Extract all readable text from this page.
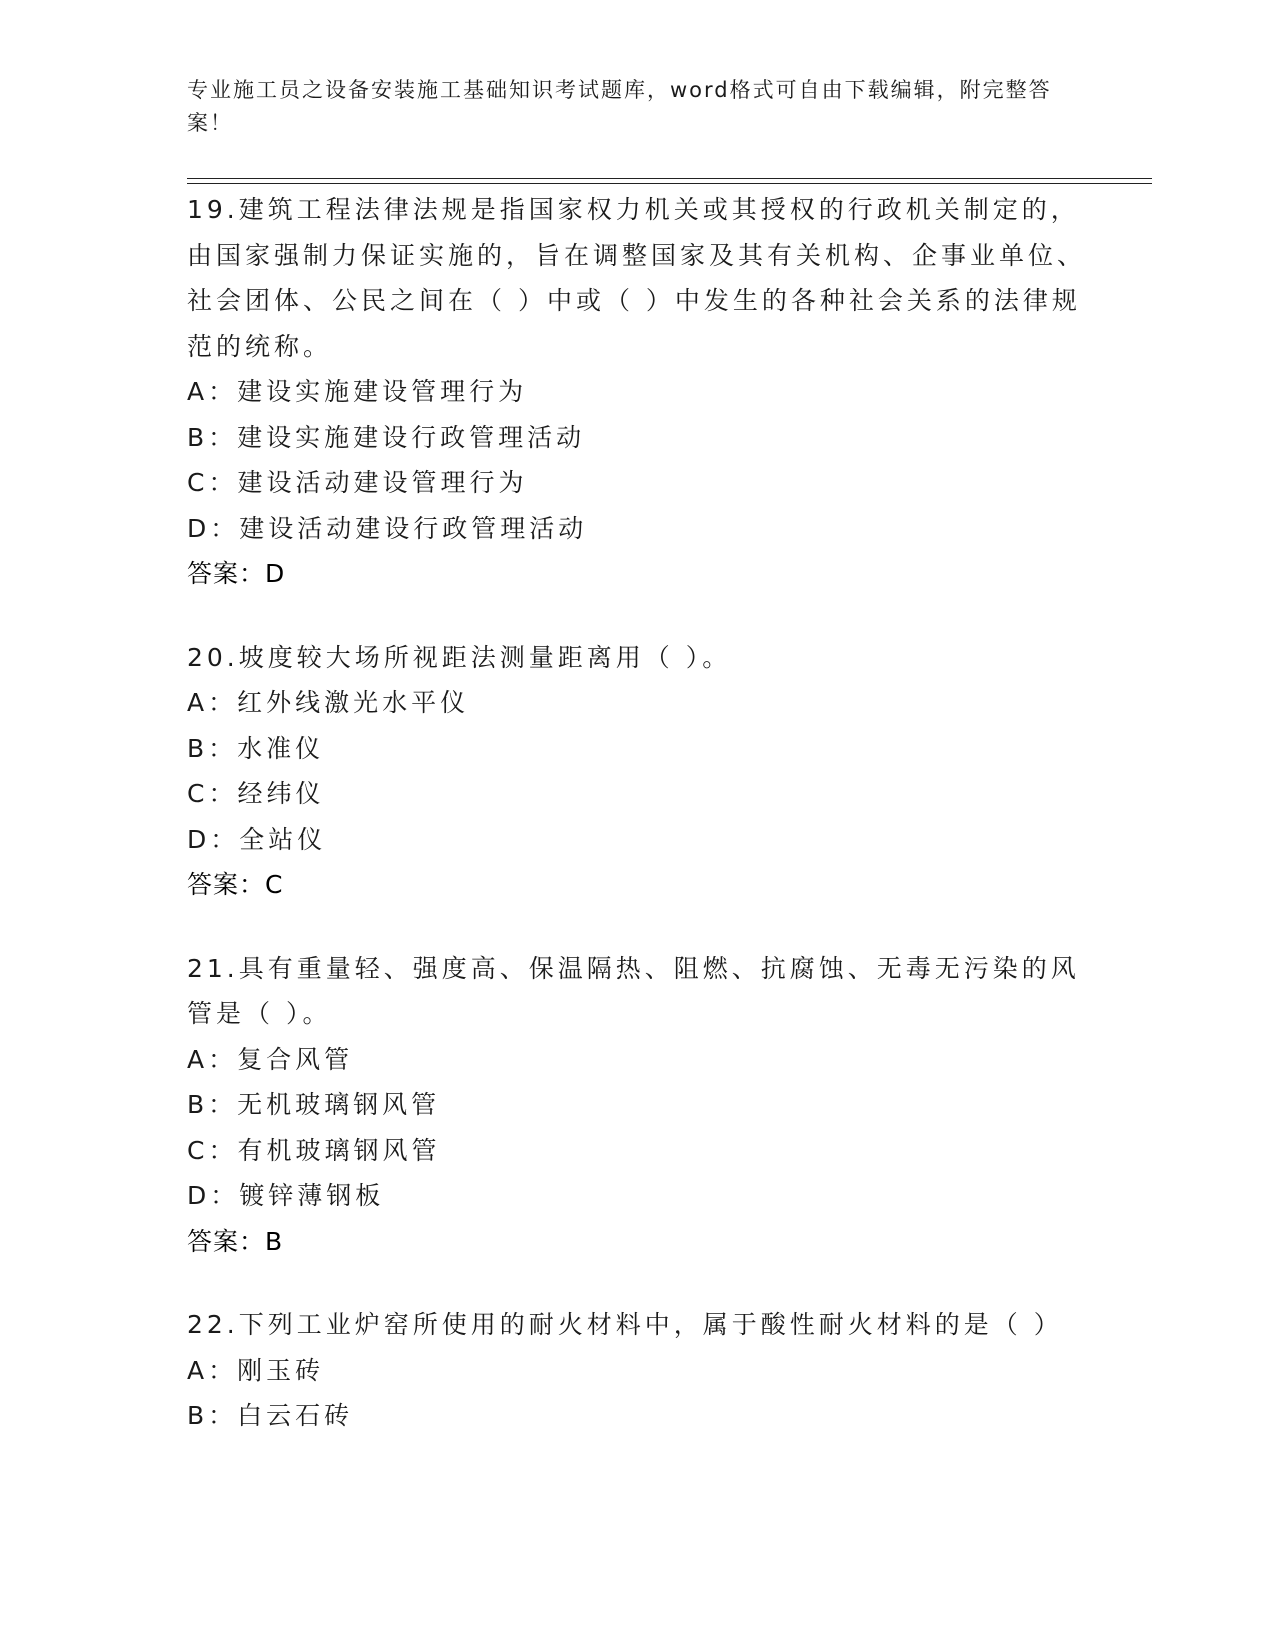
专业施工员之设备安装施工基础知识考试题库，word格式可自由下载编辑，附完整答案！

19.建筑工程法律法规是指国家权力机关或其授权的行政机关制定的，由国家强制力保证实施的，旨在调整国家及其有关机构、企事业单位、社会团体、公民之间在（ ）中或（ ）中发生的各种社会关系的法律规范的统称。

A：建设实施建设管理行为

B：建设实施建设行政管理活动

C：建设活动建设管理行为

D：建设活动建设行政管理活动

答案：D

20.坡度较大场所视距法测量距离用（ ）。

A：红外线激光水平仪

B：水准仪

C：经纬仪

D：全站仪

答案：C

21.具有重量轻、强度高、保温隔热、阻燃、抗腐蚀、无毒无污染的风管是（ ）。

A：复合风管

B：无机玻璃钢风管

C：有机玻璃钢风管

D：镀锌薄钢板

答案：B

22.下列工业炉窑所使用的耐火材料中，属于酸性耐火材料的是（ ）

A：刚玉砖

B：白云石砖
